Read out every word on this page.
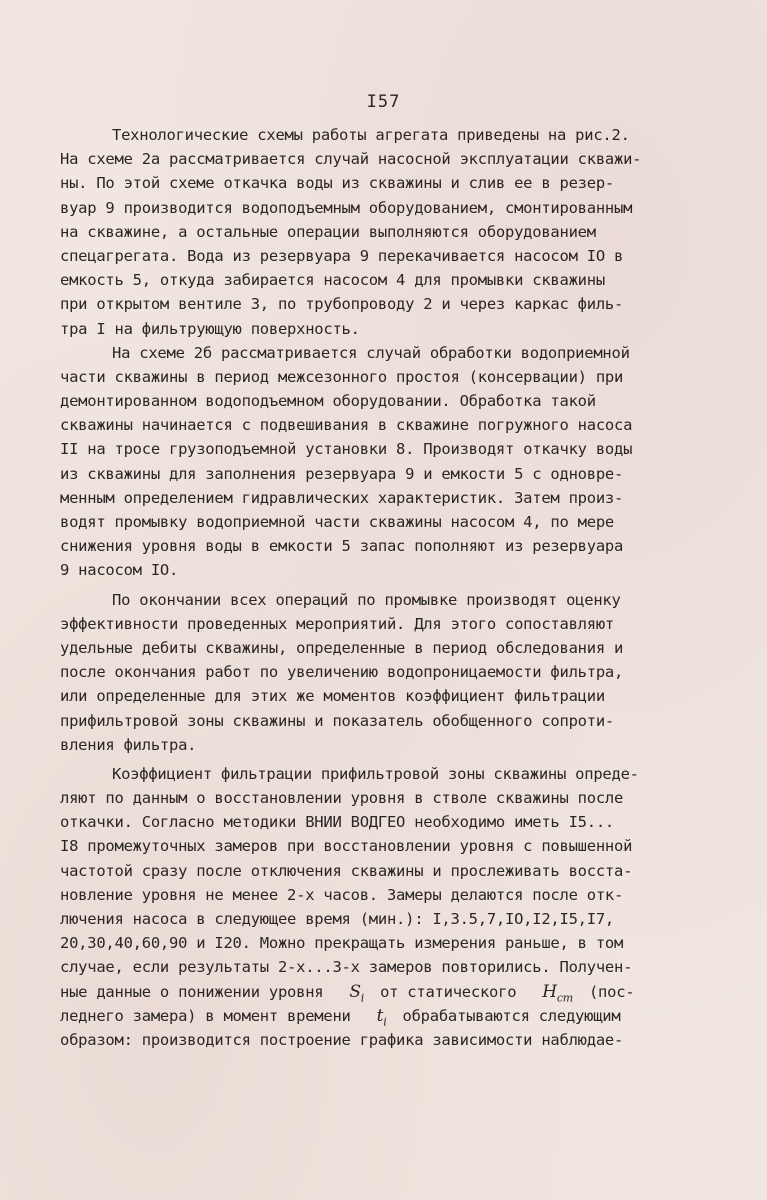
I57
Технологические схемы работы агрегата приведены на рис.2.
На схеме 2а рассматривается случай насосной эксплуатации скважи-
ны. По этой схеме откачка воды из скважины и слив ее в резер-
вуар 9 производится водоподъемным оборудованием, смонтированным
на скважине, а остальные операции выполняются оборудованием
спецагрегата. Вода из резервуара 9 перекачивается насосом IO в
емкость 5, откуда забирается насосом 4 для промывки скважины
при открытом вентиле 3, по трубопроводу 2 и через каркас филь-
тра I на фильтрующую поверхность.
На схеме 2б рассматривается случай обработки водоприемной
части скважины в период межсезонного простоя (консервации) при
демонтированном водоподъемном оборудовании. Обработка такой
скважины начинается с подвешивания в скважине погружного насоса
II на тросе грузоподъемной установки 8. Производят откачку воды
из скважины для заполнения резервуара 9 и емкости 5 с одновре-
менным определением гидравлических характеристик. Затем произ-
водят промывку водоприемной части скважины насосом 4, по мере
снижения уровня воды в емкости 5 запас пополняют из резервуара
9 насосом IO.
По окончании всех операций по промывке производят оценку
эффективности проведенных мероприятий. Для этого сопоставляют
удельные дебиты скважины, определенные в период обследования и
после окончания работ по увеличению водопроницаемости фильтра,
или определенные для этих же моментов коэффициент фильтрации
прифильтровой зоны скважины и показатель обобщенного сопроти-
вления фильтра.
Коэффициент фильтрации прифильтровой зоны скважины опреде-
ляют по данным о восстановлении уровня в стволе скважины после
откачки. Согласно методики ВНИИ ВОДГЕО необходимо иметь I5...
I8 промежуточных замеров при восстановлении уровня с повышенной
частотой сразу после отключения скважины и прослеживать восста-
новление уровня не менее 2-х часов. Замеры делаются после отк-
лючения насоса в следующее время (мин.): I,3.5,7,IO,I2,I5,I7,
20,30,40,60,90 и I20. Можно прекращать измерения раньше, в том
случае, если результаты 2-х...3-х замеров повторились. Получен-
ные данные о понижении уровня $S_i$ от статического $H_{ст}$ (пос-
леднего замера) в момент времени $t_i$ обрабатываются следующим
образом: производится построение графика зависимости наблюдае-
